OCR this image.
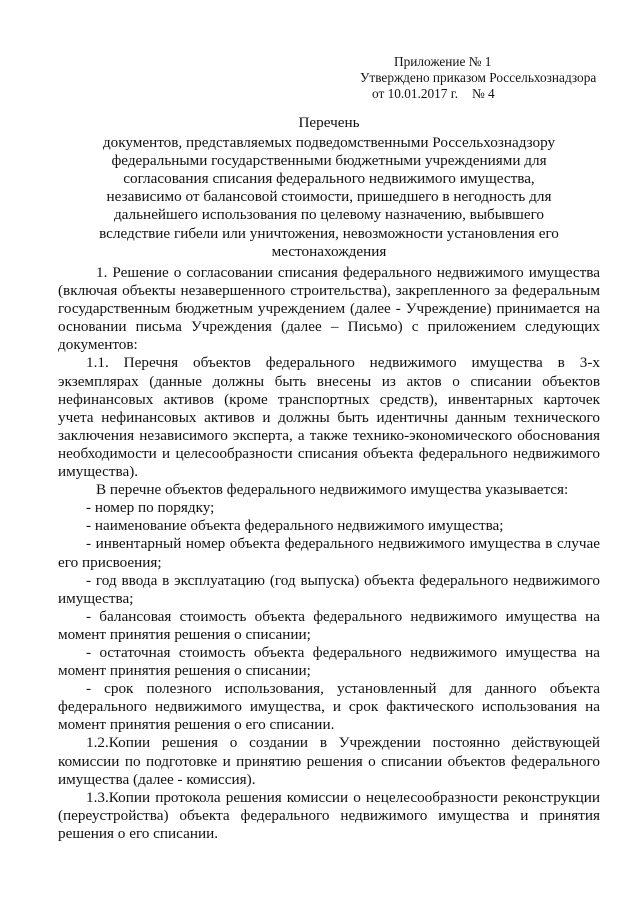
Приложение № 1
Утверждено приказом Россельхознадзора
от 10.01.2017 г. № 4
Перечень
документов, представляемых подведомственными Россельхознадзору
федеральными государственными бюджетными учреждениями для
согласования списания федерального недвижимого имущества,
независимо от балансовой стоимости, пришедшего в негодность для
дальнейшего использования по целевому назначению, выбывшего
вследствие гибели или уничтожения, невозможности установления его
местонахождения

1. Решение о согласовании списания федерального недвижимого имущества (включая объекты незавершенного строительства), закрепленного за федеральным государственным бюджетным учреждением (далее - Учреждение) принимается на основании письма Учреждения (далее – Письмо) с приложением следующих документов:

1.1. Перечня объектов федерального недвижимого имущества в 3-х экземплярах (данные должны быть внесены из актов о списании объектов нефинансовых активов (кроме транспортных средств), инвентарных карточек учета нефинансовых активов и должны быть идентичны данным технического заключения независимого эксперта, а также технико-экономического обоснования необходимости и целесообразности списания объекта федерального недвижимого имущества).

В перечне объектов федерального недвижимого имущества указывается:

- номер по порядку;
- наименование объекта федерального недвижимого имущества;
- инвентарный номер объекта федерального недвижимого имущества в случае его присвоения;
- год ввода в эксплуатацию (год выпуска) объекта федерального недвижимого имущества;
- балансовая стоимость объекта федерального недвижимого имущества на момент принятия решения о списании;
- остаточная стоимость объекта федерального недвижимого имущества на момент принятия решения о списании;
- срок полезного использования, установленный для данного объекта федерального недвижимого имущества, и срок фактического использования на момент принятия решения о его списании.

1.2.Копии решения о создании в Учреждении постоянно действующей комиссии по подготовке и принятию решения о списании объектов федерального имущества (далее - комиссия).

1.3.Копии протокола решения комиссии о нецелесообразности реконструкции (переустройства) объекта федерального недвижимого имущества и принятия решения о его списании.
